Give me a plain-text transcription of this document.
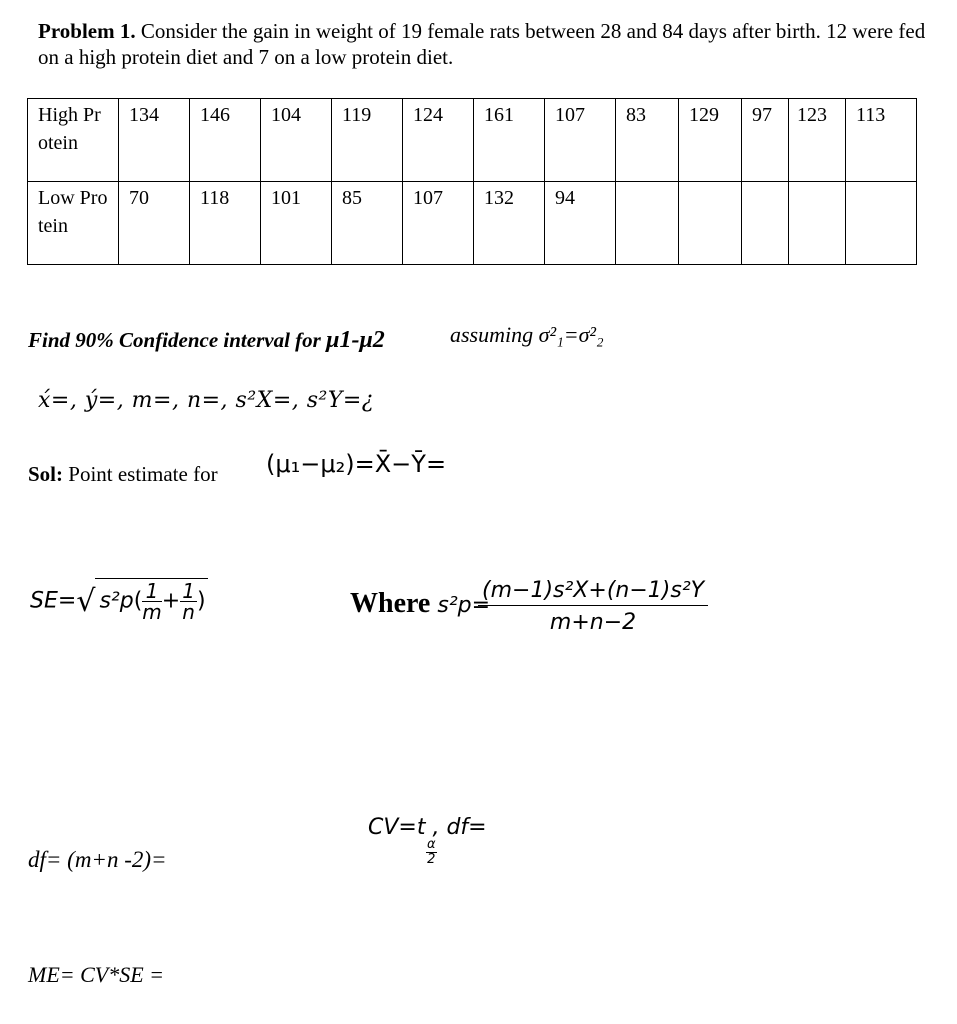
Problem 1. Consider the gain in weight of 19 female rats between 28 and 84 days after birth. 12 were fed on a high protein diet and 7 on a low protein diet.
High Protein	134	146	104	119	124	161	107	83	129	97	123	113
Low Protein	70	118	101	85	107	132	94					
Find 90% Confidence interval for μ1-μ2	assuming σ²₁=σ²₂
x́=, ý=, m=, n=, s²X=, s²Y=¿
Sol: Point estimate for (μ₁−μ₂)=X̄−Ȳ=
SE=√ $s^2p( \frac{1}{m} + \frac{1}{n}$ )	Where s²p=
$\frac{\text{(m−1)s²X+(n−1)s²Y}}{m+n-2}$
CV=t , df=
α
2
df= (m+n -2)=
ME= CV*SE =
